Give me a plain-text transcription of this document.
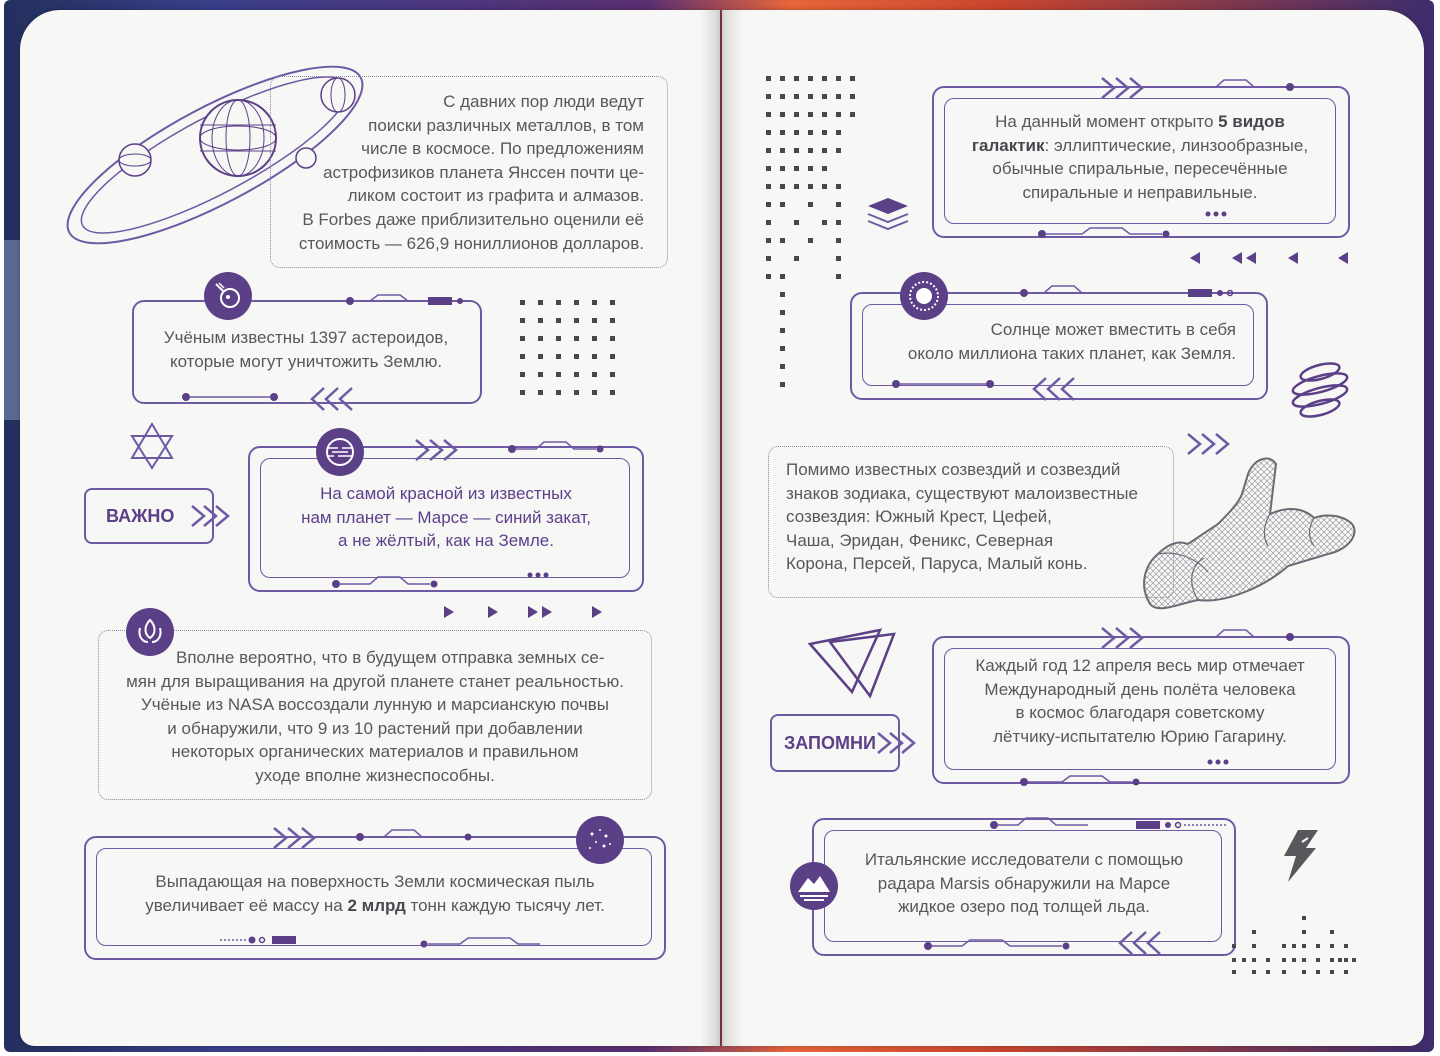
С давних пор люди ведут
поиски различных металлов, в том
числе в космосе. По предложениям
астрофизиков планета Янссен почти це-
ликом состоит из графита и алмазов.
В Forbes даже приблизительно оценили её
стоимость — 626,9 нониллионов долларов.
Учёным известны 1397 астероидов,
которые могут уничтожить Землю.
ВАЖНО
На самой красной из известных
нам планет — Марсе — синий закат,
а не жёлтый, как на Земле.
Вполне вероятно, что в будущем отправка земных се-
мян для выращивания на другой планете станет реальностью.
Учёные из NASA воссоздали лунную и марсианскую почвы
и обнаружили, что 9 из 10 растений при добавлении
некоторых органических материалов и правильном
уходе вполне жизнеспособны.
Выпадающая на поверхность Земли космическая пыль
увеличивает её массу на 2 млрд тонн каждую тысячу лет.
На данный момент открыто 5 видов
галактик: эллиптические, линзообразные,
обычные спиральные, пересечённые
спиральные и неправильные.
Солнце может вместить в себя
около миллиона таких планет, как Земля.
Помимо известных созвездий и созвездий
знаков зодиака, существуют малоизвестные
созвездия: Южный Крест, Цефей,
Чаша, Эридан, Феникс, Северная
Корона, Персей, Паруса, Малый конь.
ЗАПОМНИ
Каждый год 12 апреля весь мир отмечает
Международный день полёта человека
в космос благодаря советскому
лётчику-испытателю Юрию Гагарину.
Итальянские исследователи с помощью
радара Marsis обнаружили на Марсе
жидкое озеро под толщей льда.
